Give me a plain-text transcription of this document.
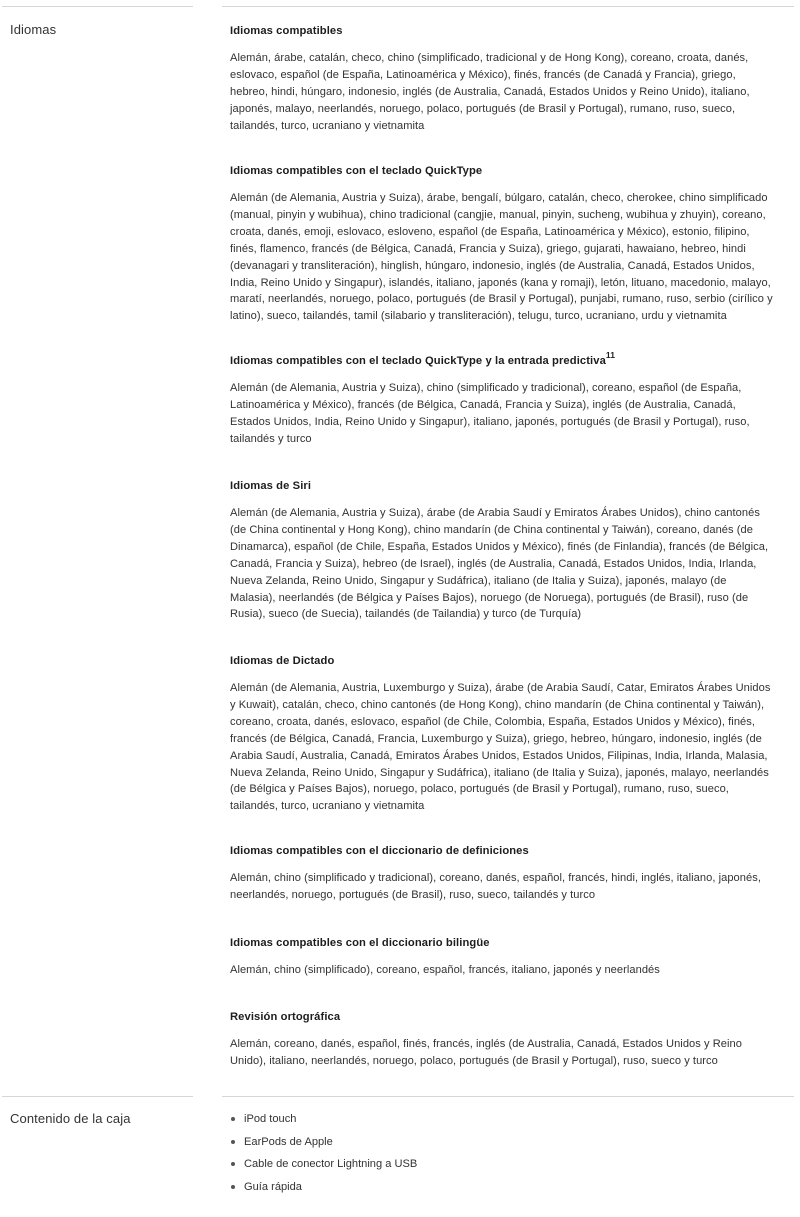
Idiomas	Idiomas compatibles

Alemán, árabe, catalán, checo, chino (simplificado, tradicional y de Hong Kong), coreano, croata, danés,
eslovaco, español (de España, Latinoamérica y México), finés, francés (de Canadá y Francia), griego,
hebreo, hindi, húngaro, indonesio, inglés (de Australia, Canadá, Estados Unidos y Reino Unido), italiano,
japonés, malayo, neerlandés, noruego, polaco, portugués (de Brasil y Portugal), rumano, ruso, sueco,
tailandés, turco, ucraniano y vietnamita

Idiomas compatibles con el teclado QuickType

Alemán (de Alemania, Austria y Suiza), árabe, bengalí, búlgaro, catalán, checo, cherokee, chino simplificado
(manual, pinyin y wubihua), chino tradicional (cangjie, manual, pinyin, sucheng, wubihua y zhuyin), coreano,
croata, danés, emoji, eslovaco, esloveno, español (de España, Latinoamérica y México), estonio, filipino,
finés, flamenco, francés (de Bélgica, Canadá, Francia y Suiza), griego, gujarati, hawaiano, hebreo, hindi
(devanagari y transliteración), hinglish, húngaro, indonesio, inglés (de Australia, Canadá, Estados Unidos,
India, Reino Unido y Singapur), islandés, italiano, japonés (kana y romaji), letón, lituano, macedonio, malayo,
maratí, neerlandés, noruego, polaco, portugués (de Brasil y Portugal), punjabi, rumano, ruso, serbio (cirílico y
latino), sueco, tailandés, tamil (silabario y transliteración), telugu, turco, ucraniano, urdu y vietnamita

Idiomas compatibles con el teclado QuickType y la entrada predictiva$^{11}$

Alemán (de Alemania, Austria y Suiza), chino (simplificado y tradicional), coreano, español (de España,
Latinoamérica y México), francés (de Bélgica, Canadá, Francia y Suiza), inglés (de Australia, Canadá,
Estados Unidos, India, Reino Unido y Singapur), italiano, japonés, portugués (de Brasil y Portugal), ruso,
tailandés y turco

Idiomas de Siri

Alemán (de Alemania, Austria y Suiza), árabe (de Arabia Saudí y Emiratos Árabes Unidos), chino cantonés
(de China continental y Hong Kong), chino mandarín (de China continental y Taiwán), coreano, danés (de
Dinamarca), español (de Chile, España, Estados Unidos y México), finés (de Finlandia), francés (de Bélgica,
Canadá, Francia y Suiza), hebreo (de Israel), inglés (de Australia, Canadá, Estados Unidos, India, Irlanda,
Nueva Zelanda, Reino Unido, Singapur y Sudáfrica), italiano (de Italia y Suiza), japonés, malayo (de
Malasia), neerlandés (de Bélgica y Países Bajos), noruego (de Noruega), portugués (de Brasil), ruso (de
Rusia), sueco (de Suecia), tailandés (de Tailandia) y turco (de Turquía)

Idiomas de Dictado

Alemán (de Alemania, Austria, Luxemburgo y Suiza), árabe (de Arabia Saudí, Catar, Emiratos Árabes Unidos
y Kuwait), catalán, checo, chino cantonés (de Hong Kong), chino mandarín (de China continental y Taiwán),
coreano, croata, danés, eslovaco, español (de Chile, Colombia, España, Estados Unidos y México), finés,
francés (de Bélgica, Canadá, Francia, Luxemburgo y Suiza), griego, hebreo, húngaro, indonesio, inglés (de
Arabia Saudí, Australia, Canadá, Emiratos Árabes Unidos, Estados Unidos, Filipinas, India, Irlanda, Malasia,
Nueva Zelanda, Reino Unido, Singapur y Sudáfrica), italiano (de Italia y Suiza), japonés, malayo, neerlandés
(de Bélgica y Países Bajos), noruego, polaco, portugués (de Brasil y Portugal), rumano, ruso, sueco,
tailandés, turco, ucraniano y vietnamita

Idiomas compatibles con el diccionario de definiciones

Alemán, chino (simplificado y tradicional), coreano, danés, español, francés, hindi, inglés, italiano, japonés,
neerlandés, noruego, portugués (de Brasil), ruso, sueco, tailandés y turco

Idiomas compatibles con el diccionario bilingüe

Alemán, chino (simplificado), coreano, español, francés, italiano, japonés y neerlandés

Revisión ortográfica

Alemán, coreano, danés, español, finés, francés, inglés (de Australia, Canadá, Estados Unidos y Reino
Unido), italiano, neerlandés, noruego, polaco, portugués (de Brasil y Portugal), ruso, sueco y turco

Contenido de la caja	iPod touch
EarPods de Apple
Cable de conector Lightning a USB
Guía rápida
